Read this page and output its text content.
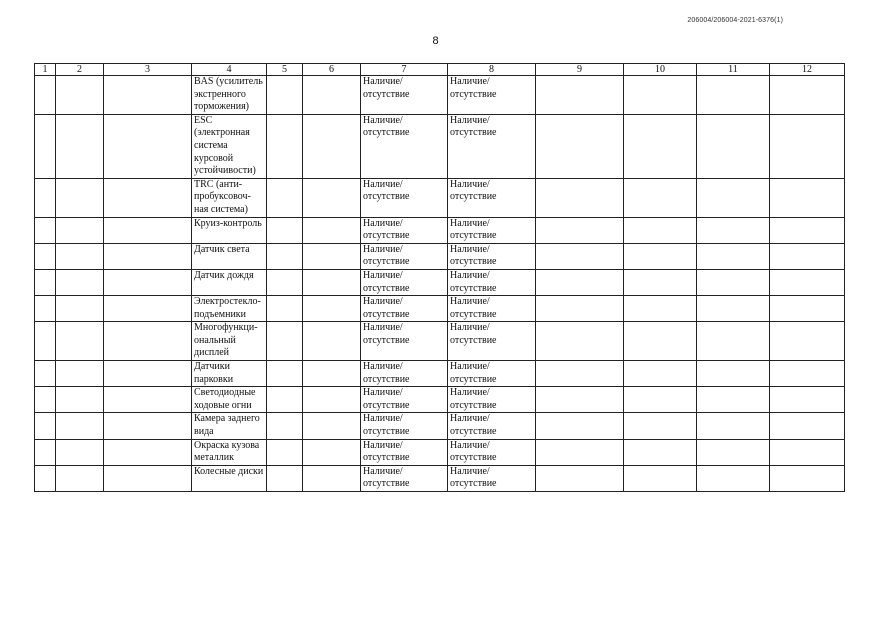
206004/206004-2021-6376(1)
8
1	2	3	4	5	6	7	8	9	10	11	12
			BAS (усилитель экстренного торможения)			Наличие/ отсутствие	Наличие/ отсутствие				
			ESC (электронная система курсовой устойчивости)			Наличие/ отсутствие	Наличие/ отсутствие				
			TRC (анти-пробуксовоч-ная система)			Наличие/ отсутствие	Наличие/ отсутствие				
			Круиз-контроль			Наличие/ отсутствие	Наличие/ отсутствие				
			Датчик света			Наличие/ отсутствие	Наличие/ отсутствие				
			Датчик дождя			Наличие/ отсутствие	Наличие/ отсутствие				
			Электростекло-подъемники			Наличие/ отсутствие	Наличие/ отсутствие				
			Многофункци-ональный дисплей			Наличие/ отсутствие	Наличие/ отсутствие				
			Датчики парковки			Наличие/ отсутствие	Наличие/ отсутствие				
			Светодиодные ходовые огни			Наличие/ отсутствие	Наличие/ отсутствие				
			Камера заднего вида			Наличие/ отсутствие	Наличие/ отсутствие				
			Окраска кузова металлик			Наличие/ отсутствие	Наличие/ отсутствие				
			Колесные диски			Наличие/ отсутствие	Наличие/ отсутствие				
